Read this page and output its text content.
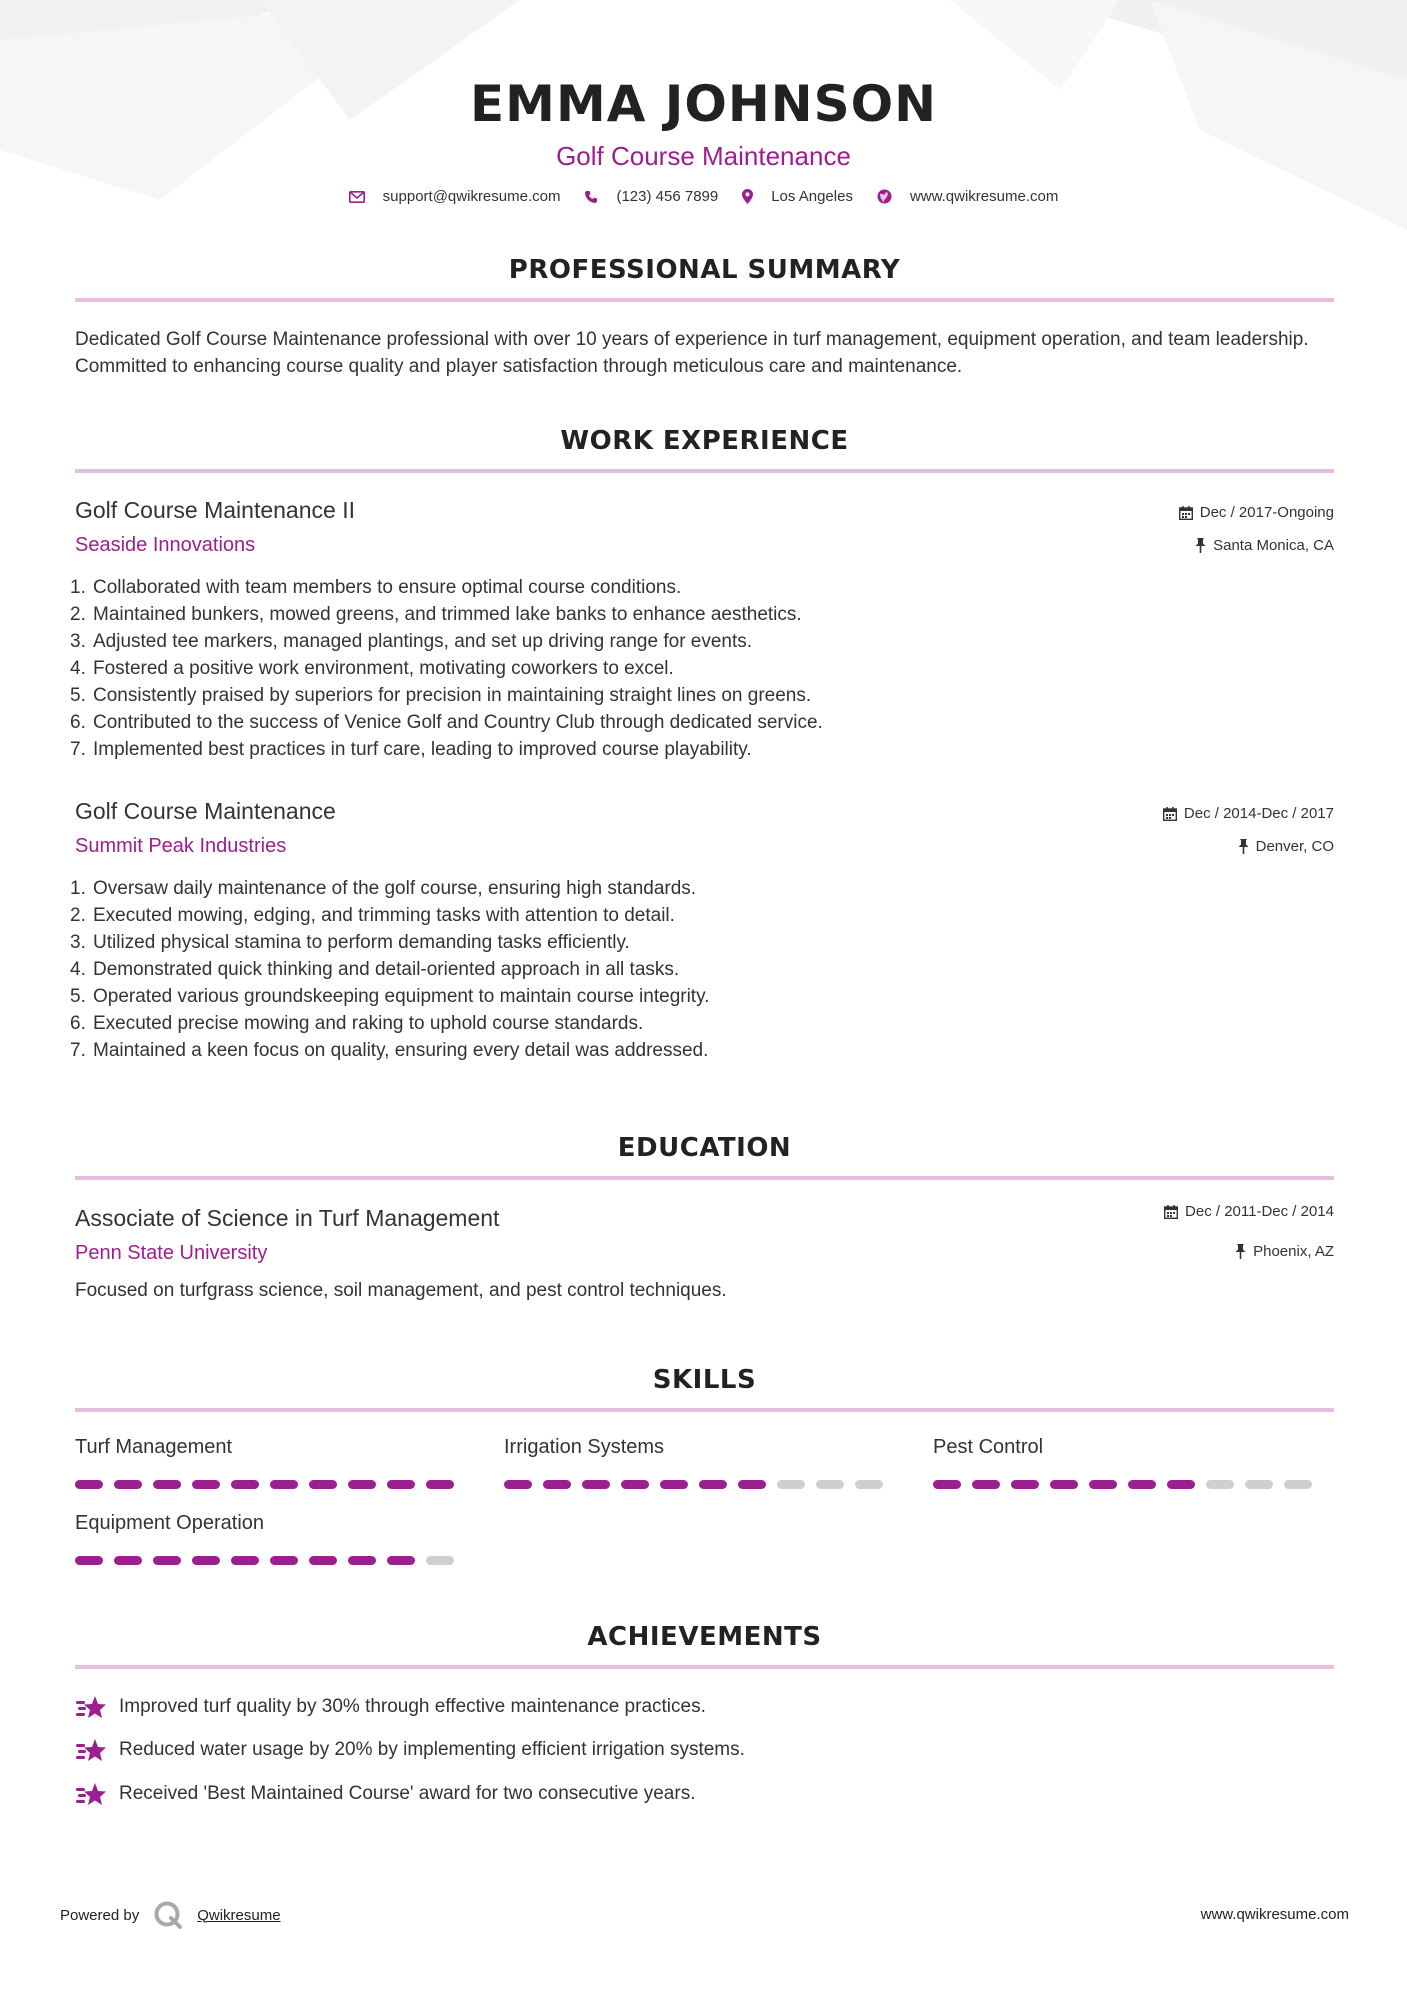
EMMA JOHNSON
Golf Course Maintenance
support@qwikresume.com	(123) 456 7899	Los Angeles	www.qwikresume.com
PROFESSIONAL SUMMARY
Dedicated Golf Course Maintenance professional with over 10 years of experience in turf management, equipment operation, and team leadership. Committed to enhancing course quality and player satisfaction through meticulous care and maintenance.
WORK EXPERIENCE
Golf Course Maintenance II
Seaside Innovations
Dec / 2017-Ongoing
Santa Monica, CA
1. Collaborated with team members to ensure optimal course conditions.
2. Maintained bunkers, mowed greens, and trimmed lake banks to enhance aesthetics.
3. Adjusted tee markers, managed plantings, and set up driving range for events.
4. Fostered a positive work environment, motivating coworkers to excel.
5. Consistently praised by superiors for precision in maintaining straight lines on greens.
6. Contributed to the success of Venice Golf and Country Club through dedicated service.
7. Implemented best practices in turf care, leading to improved course playability.
Golf Course Maintenance
Summit Peak Industries
Dec / 2014-Dec / 2017
Denver, CO
1. Oversaw daily maintenance of the golf course, ensuring high standards.
2. Executed mowing, edging, and trimming tasks with attention to detail.
3. Utilized physical stamina to perform demanding tasks efficiently.
4. Demonstrated quick thinking and detail-oriented approach in all tasks.
5. Operated various groundskeeping equipment to maintain course integrity.
6. Executed precise mowing and raking to uphold course standards.
7. Maintained a keen focus on quality, ensuring every detail was addressed.
EDUCATION
Associate of Science in Turf Management
Penn State University
Dec / 2011-Dec / 2014
Phoenix, AZ
Focused on turfgrass science, soil management, and pest control techniques.
SKILLS
Turf Management	Irrigation Systems	Pest Control
Equipment Operation
ACHIEVEMENTS
Improved turf quality by 30% through effective maintenance practices.
Reduced water usage by 20% by implementing efficient irrigation systems.
Received 'Best Maintained Course' award for two consecutive years.
Powered by	Qwikresume	www.qwikresume.com
